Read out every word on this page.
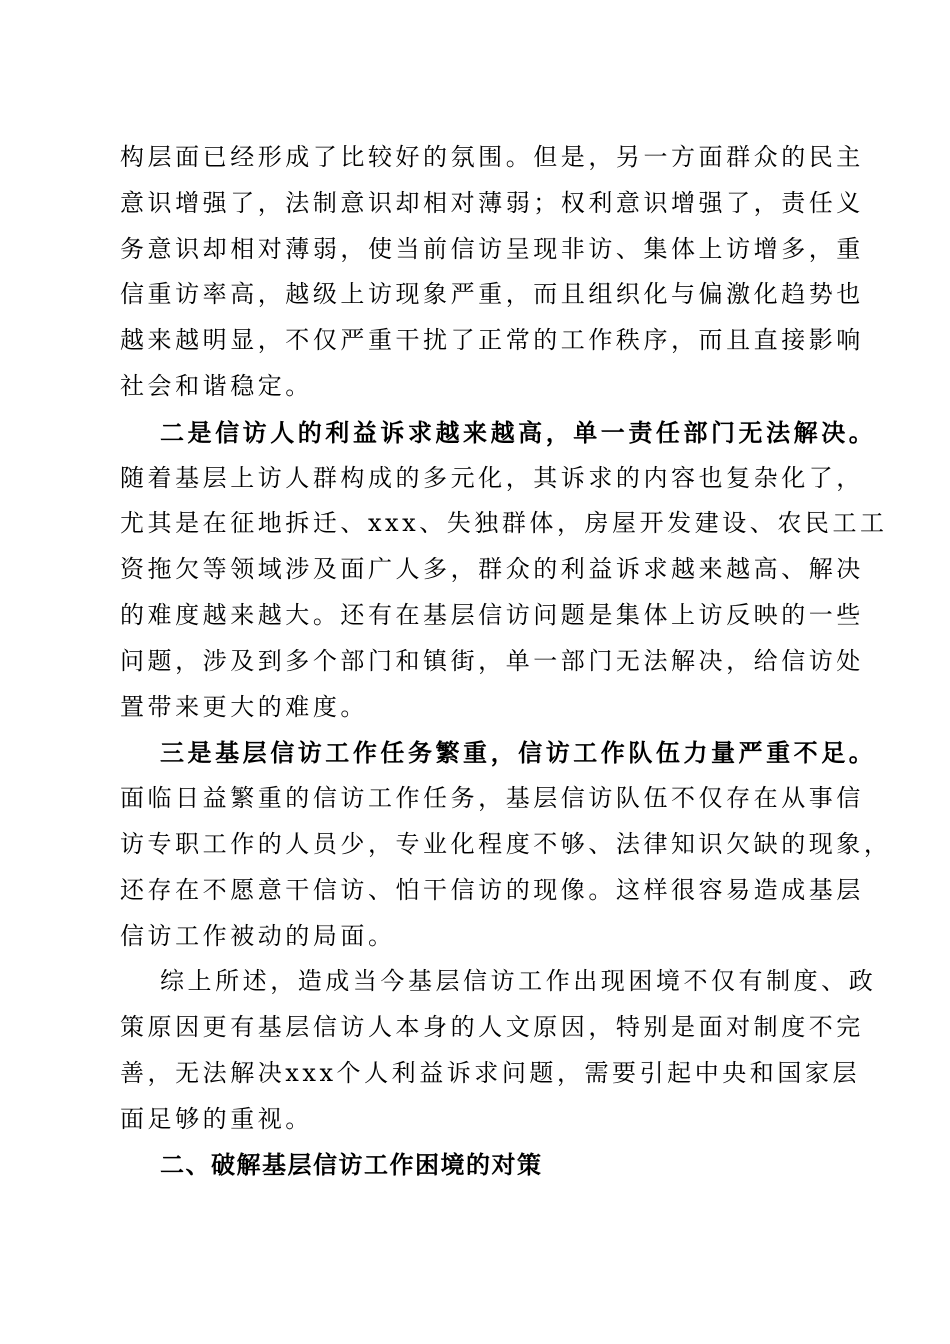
构层面已经形成了比较好的氛围。但是，另一方面群众的民主
意识增强了，法制意识却相对薄弱；权利意识增强了，责任义
务意识却相对薄弱，使当前信访呈现非访、集体上访增多，重
信重访率高，越级上访现象严重，而且组织化与偏激化趋势也
越来越明显，不仅严重干扰了正常的工作秩序，而且直接影响
社会和谐稳定。
二是信访人的利益诉求越来越高，单一责任部门无法解决。
随着基层上访人群构成的多元化，其诉求的内容也复杂化了，
尤其是在征地拆迁、xxx、失独群体，房屋开发建设、农民工工
资拖欠等领域涉及面广人多，群众的利益诉求越来越高、解决
的难度越来越大。还有在基层信访问题是集体上访反映的一些
问题，涉及到多个部门和镇街，单一部门无法解决，给信访处
置带来更大的难度。
三是基层信访工作任务繁重，信访工作队伍力量严重不足。
面临日益繁重的信访工作任务，基层信访队伍不仅存在从事信
访专职工作的人员少，专业化程度不够、法律知识欠缺的现象，
还存在不愿意干信访、怕干信访的现像。这样很容易造成基层
信访工作被动的局面。
综上所述，造成当今基层信访工作出现困境不仅有制度、政
策原因更有基层信访人本身的人文原因，特别是面对制度不完
善，无法解决xxx个人利益诉求问题，需要引起中央和国家层
面足够的重视。
二、破解基层信访工作困境的对策
